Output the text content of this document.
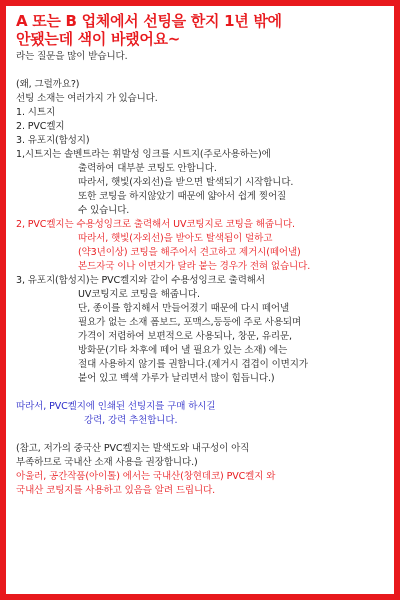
A 또는 B 업체에서 선팅을 한지 1년 밖에
안됐는데 색이 바랬어요~
라는 질문을 많이 받습니다.
(왜, 그럴까요?)
선팅 소재는 여러가지 가 있습니다.
1. 시트지
2. PVC켈지
3. 유포지(합성지)
1,시트지는 솔벤트라는 휘발성 잉크를 시트지(주로사용하는)에
출력하여 대부분 코팅도 안합니다.
따라서, 햇빛(자외선)을 받으면 탈색되기 시작합니다.
또한 코팅을 하지않았기 때문에 얇아서 쉽게 찢어질
수 있습니다.
2, PVC켈지는 수용성잉크로 출력해서 UV코팅지로 코팅을 해줍니다.
따라서, 햇빛(자외선)을 받아도 탈색됨이 덜하고
(약3년이상) 코팅을 해주어서 견고하고 제거시(떼어낼)
본드자국 이나 이면지가 달라 붙는 경우가 전혀 없습니다.
3, 유포지(합성지)는 PVC켈지와 같이 수용성잉크로 출력해서
UV코팅지로 코팅을 해줍니다.
단, 종이를 합지해서 만들어졌기 때문에 다시 떼어낼
필요가 없는 소재 폼보드, 포맥스,등등에 주로 사용되며
가격이 저렴하여 보편적으로 사용되나, 창문, 유리문,
방화문(기타 차후에 떼어 낼 필요가 있는 소재) 에는
절대 사용하지 않기를 권합니다.(제거시 겹겹이 이면지가
붙어 있고 백색 가루가 날리면서 많이 힘듭니다.)
따라서, PVC켈지에 인쇄된 선팅지를 구매 하시길
강력, 강력 추천합니다.
(참고, 저가의 중국산 PVC켈지는 발색도와 내구성이 아직
부족하므로 국내산 소재 사용을 권장합니다.)
아울러, 공간작품(아이톨) 에서는 국내산(창현데코) PVC켈지 와
국내산 코팅지를 사용하고 있음을 알려 드립니다.
